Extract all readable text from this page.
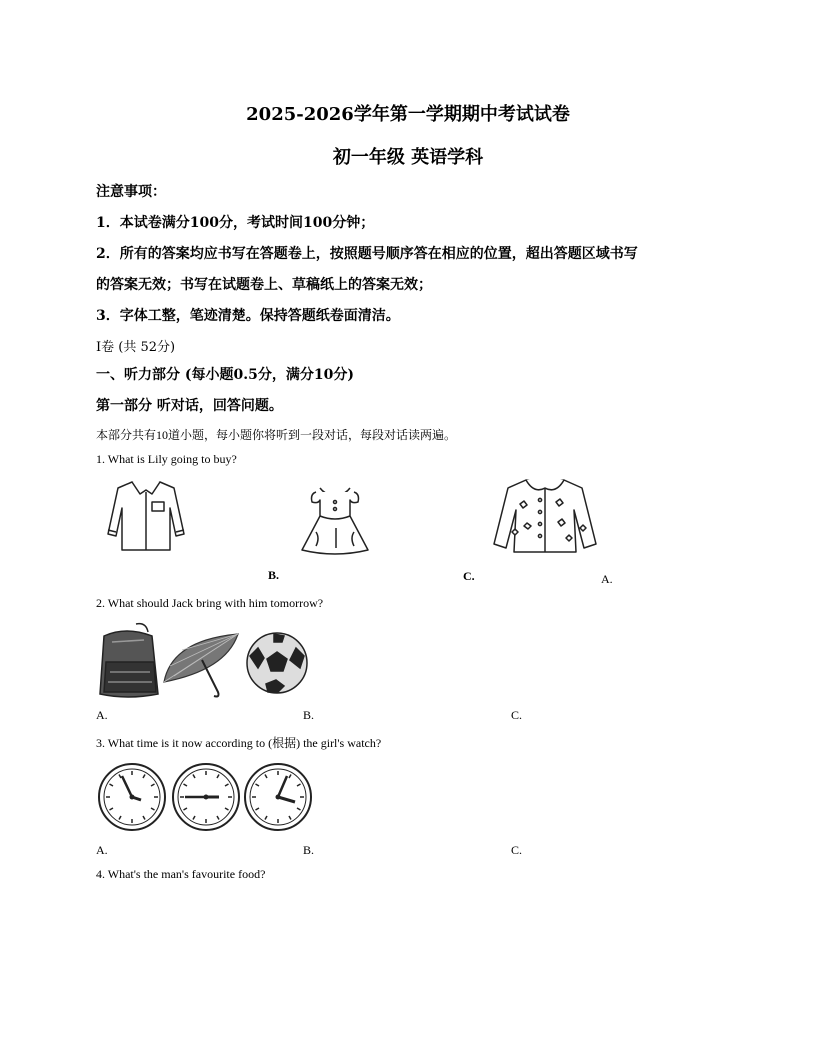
2025-2026学年第一学期期中考试试卷
初一年级 英语学科
注意事项：
1．本试卷满分100分，考试时间100分钟；
2．所有的答案均应书写在答题卷上，按照题号顺序答在相应的位置，超出答题区域书写
的答案无效；书写在试题卷上、草稿纸上的答案无效；
3．字体工整，笔迹清楚。保持答题纸卷面清洁。
I卷 (共 52分)
一、听力部分 (每小题0.5分，满分10分)
第一部分 听对话，回答问题。
本部分共有10道小题，每小题你将听到一段对话，每段对话读两遍。
1. What is Lily going to buy?
B.	C.	A.
2. What should Jack bring with him tomorrow?
A.	B.	C.
3. What time is it now according to (根据) the girl's watch?
A.	B.	C.
4. What's the man's favourite food?
